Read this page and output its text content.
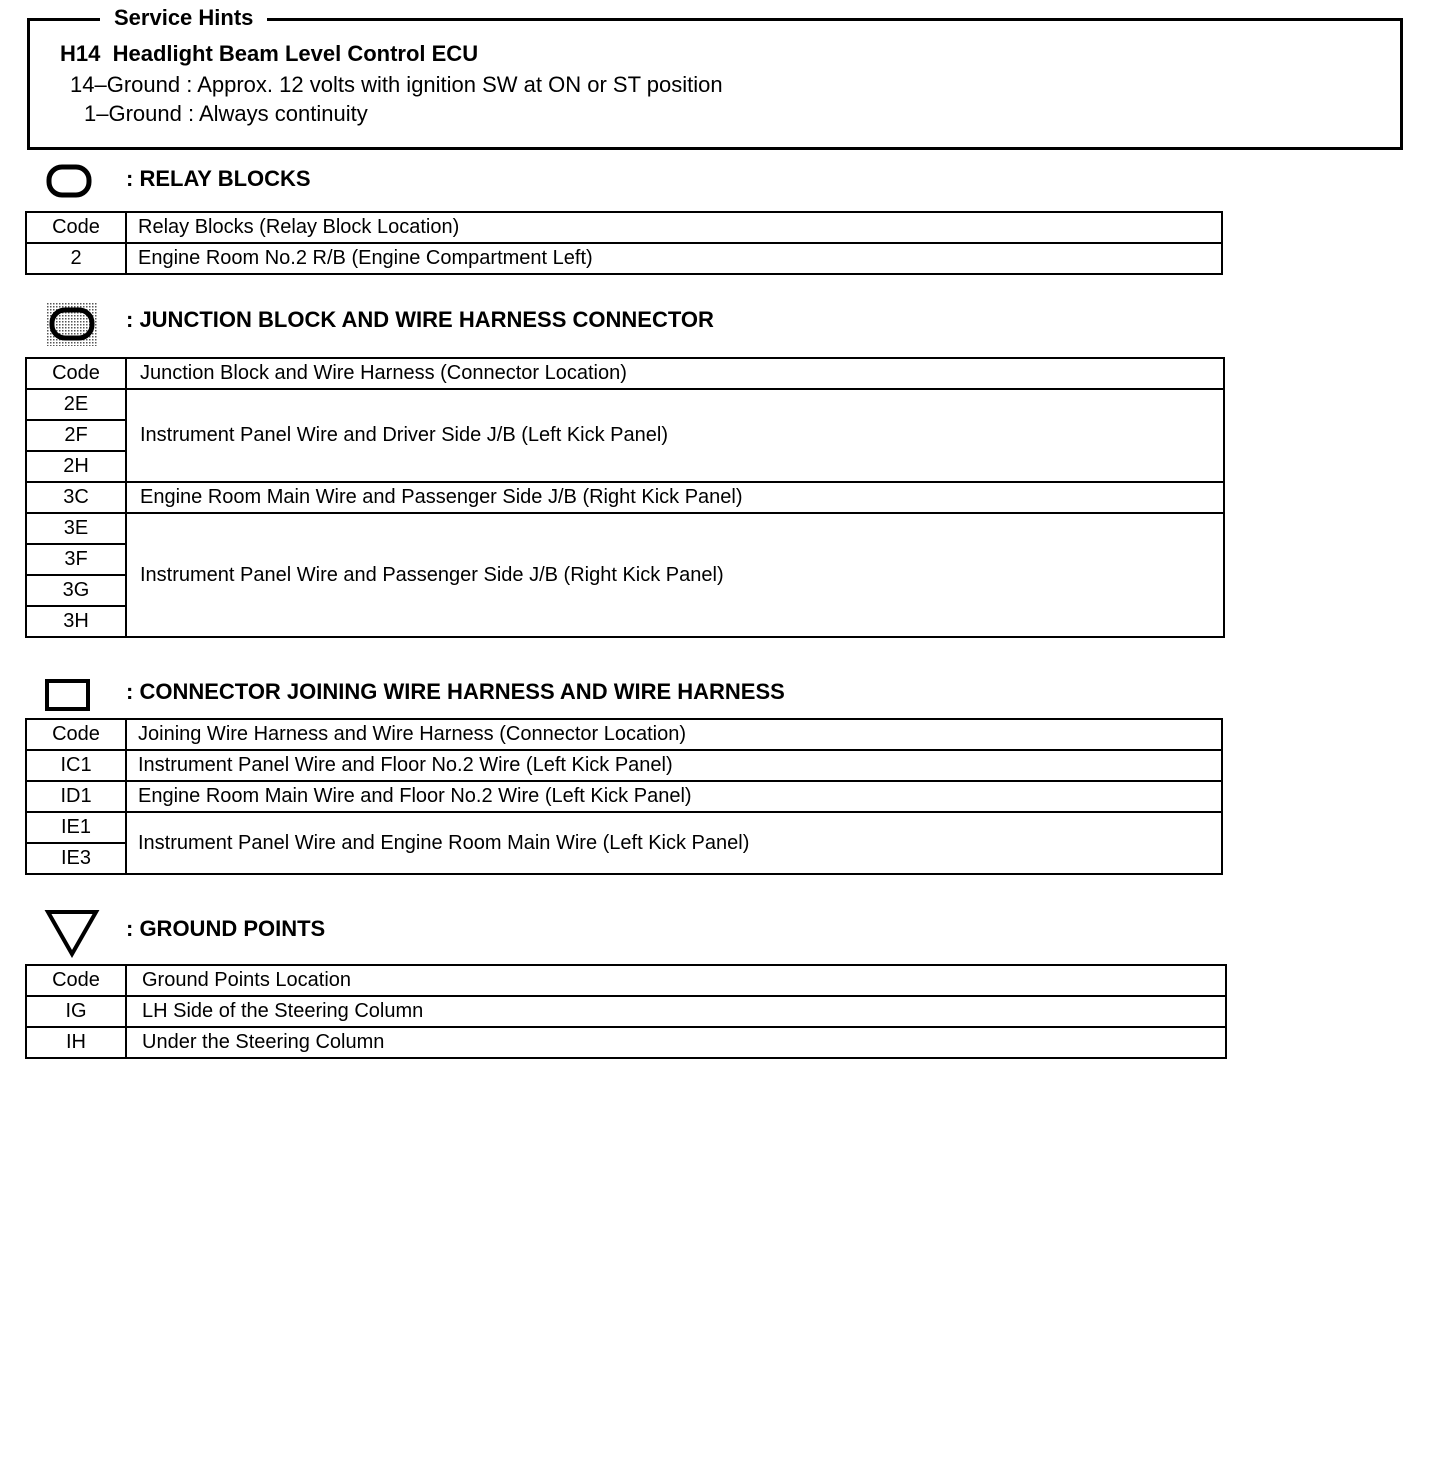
Service Hints
H14  Headlight Beam Level Control ECU
14–Ground : Approx. 12 volts with ignition SW at ON or ST position
1–Ground : Always continuity
: RELAY BLOCKS
Code	Relay Blocks (Relay Block Location)
2	Engine Room No.2 R/B (Engine Compartment Left)
: JUNCTION BLOCK AND WIRE HARNESS CONNECTOR
Code	Junction Block and Wire Harness (Connector Location)
2E	Instrument Panel Wire and Driver Side J/B (Left Kick Panel)
2F	
2H	
3C	Engine Room Main Wire and Passenger Side J/B (Right Kick Panel)
3E	Instrument Panel Wire and Passenger Side J/B (Right Kick Panel)
3F	
3G	
3H	
: CONNECTOR JOINING WIRE HARNESS AND WIRE HARNESS
Code	Joining Wire Harness and Wire Harness (Connector Location)
IC1	Instrument Panel Wire and Floor No.2 Wire (Left Kick Panel)
ID1	Engine Room Main Wire and Floor No.2 Wire (Left Kick Panel)
IE1	Instrument Panel Wire and Engine Room Main Wire (Left Kick Panel)
IE3	
: GROUND POINTS
Code	Ground Points Location
IG	LH Side of the Steering Column
IH	Under the Steering Column
